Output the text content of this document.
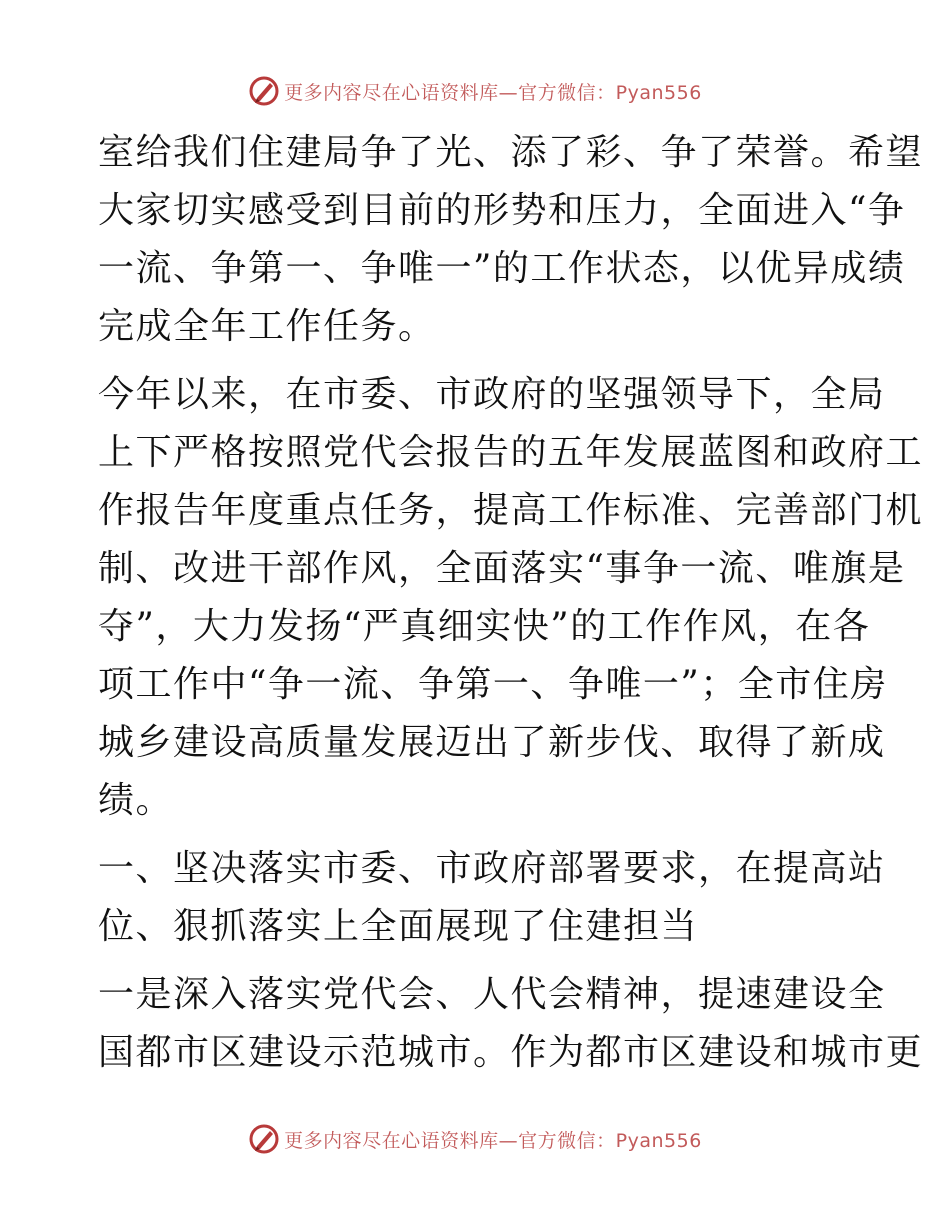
更多内容尽在心语资料库—官方微信：Pyan556

室给我们住建局争了光、添了彩、争了荣誉。希望
大家切实感受到目前的形势和压力，全面进入“争
一流、争第一、争唯一”的工作状态，以优异成绩
完成全年工作任务。

今年以来，在市委、市政府的坚强领导下，全局
上下严格按照党代会报告的五年发展蓝图和政府工
作报告年度重点任务，提高工作标准、完善部门机
制、改进干部作风，全面落实“事争一流、唯旗是
夺”，大力发扬“严真细实快”的工作作风，在各
项工作中“争一流、争第一、争唯一”；全市住房
城乡建设高质量发展迈出了新步伐、取得了新成
绩。

一、坚决落实市委、市政府部署要求，在提高站
位、狠抓落实上全面展现了住建担当

一是深入落实党代会、人代会精神，提速建设全
国都市区建设示范城市。作为都市区建设和城市更

更多内容尽在心语资料库—官方微信：Pyan556
